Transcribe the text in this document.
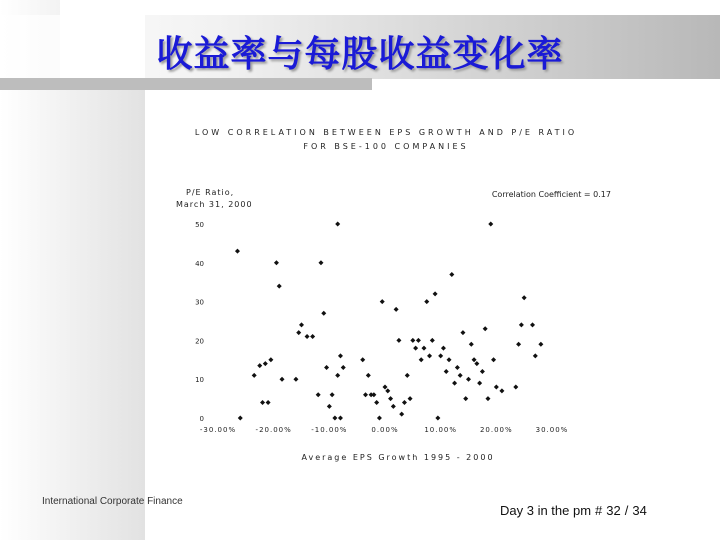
收益率与每股收益变化率
LOW CORRELATION BETWEEN EPS GROWTH AND P/E RATIO
FOR BSE-100 COMPANIES
P/E Ratio,
March 31, 2000
Correlation Coefficient = 0.17
Average EPS Growth 1995 - 2000
0
10
20
30
40
50
-30.00%	-20.00%	-10.00%	0.00%	10.00%	20.00%	30.00%
International Corporate Finance
Day 3 in the pm # 32 / 34
